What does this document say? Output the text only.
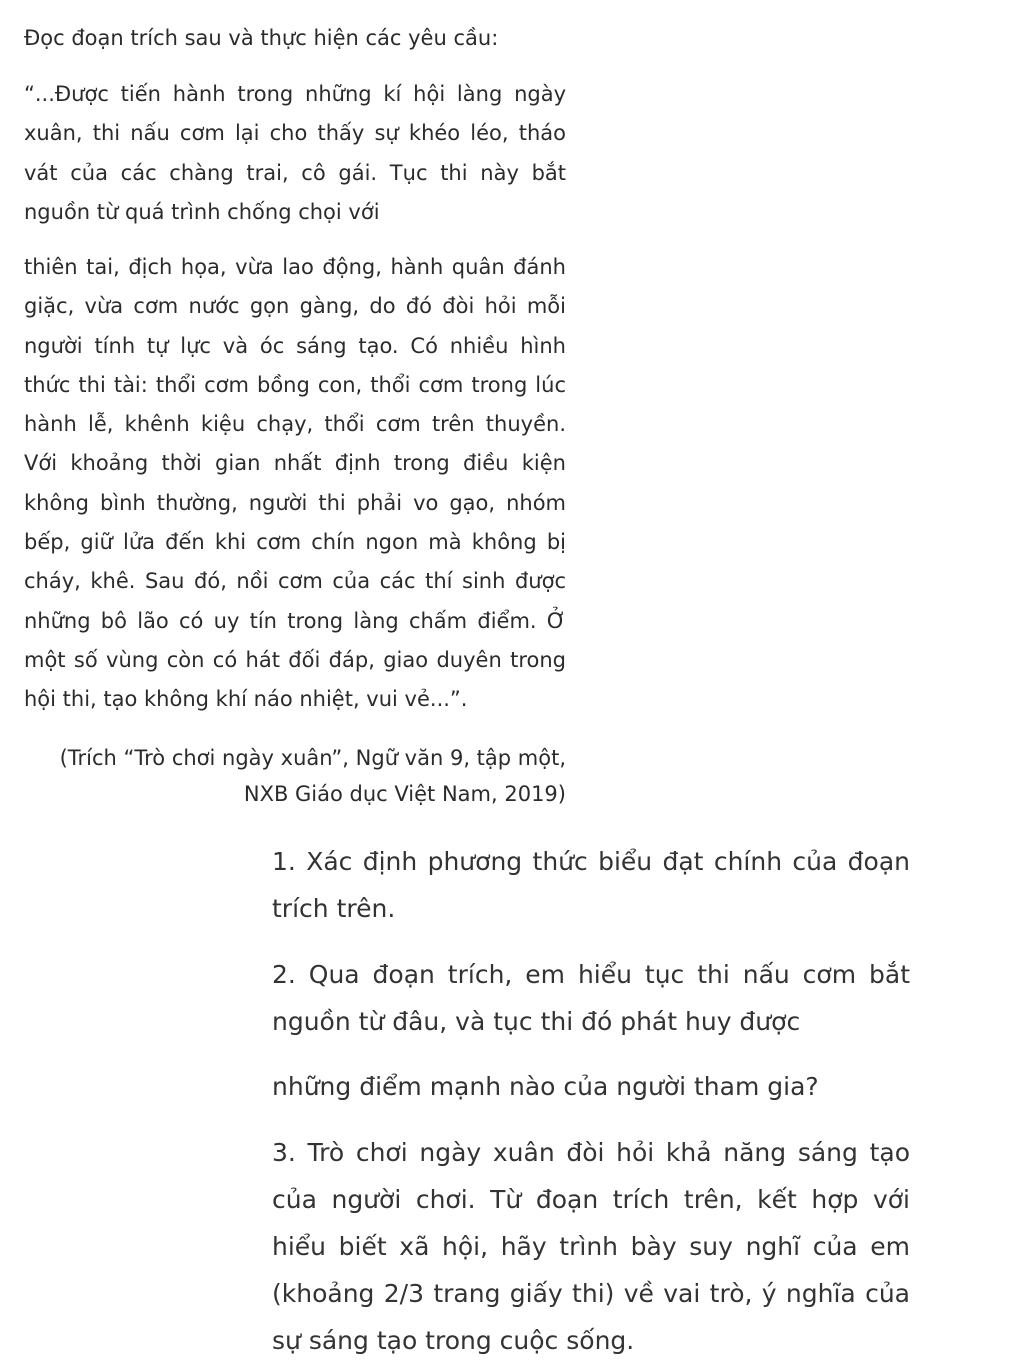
Đọc đoạn trích sau và thực hiện các yêu cầu:

“...Được tiến hành trong những kí hội làng ngày xuân, thi nấu cơm lại cho thấy sự khéo léo, tháo vát của các chàng trai, cô gái. Tục thi này bắt nguồn từ quá trình chống chọi với

thiên tai, địch họa, vừa lao động, hành quân đánh giặc, vừa cơm nước gọn gàng, do đó đòi hỏi mỗi người tính tự lực và óc sáng tạo. Có nhiều hình thức thi tài: thổi cơm bồng con, thổi cơm trong lúc hành lễ, khênh kiệu chạy, thổi cơm trên thuyền. Với khoảng thời gian nhất định trong điều kiện không bình thường, người thi phải vo gạo, nhóm bếp, giữ lửa đến khi cơm chín ngon mà không bị cháy, khê. Sau đó, nồi cơm của các thí sinh được những bô lão có uy tín trong làng chấm điểm. Ở một số vùng còn có hát đối đáp, giao duyên trong hội thi, tạo không khí náo nhiệt, vui vẻ...”.

(Trích “Trò chơi ngày xuân”, Ngữ văn 9, tập một,
NXB Giáo dục Việt Nam, 2019)

1. Xác định phương thức biểu đạt chính của đoạn trích trên.

2. Qua đoạn trích, em hiểu tục thi nấu cơm bắt nguồn từ đâu, và tục thi đó phát huy được

những điểm mạnh nào của người tham gia?

3. Trò chơi ngày xuân đòi hỏi khả năng sáng tạo của người chơi. Từ đoạn trích trên, kết hợp với hiểu biết xã hội, hãy trình bày suy nghĩ của em (khoảng 2/3 trang giấy thi) về vai trò, ý nghĩa của sự sáng tạo trong cuộc sống.
